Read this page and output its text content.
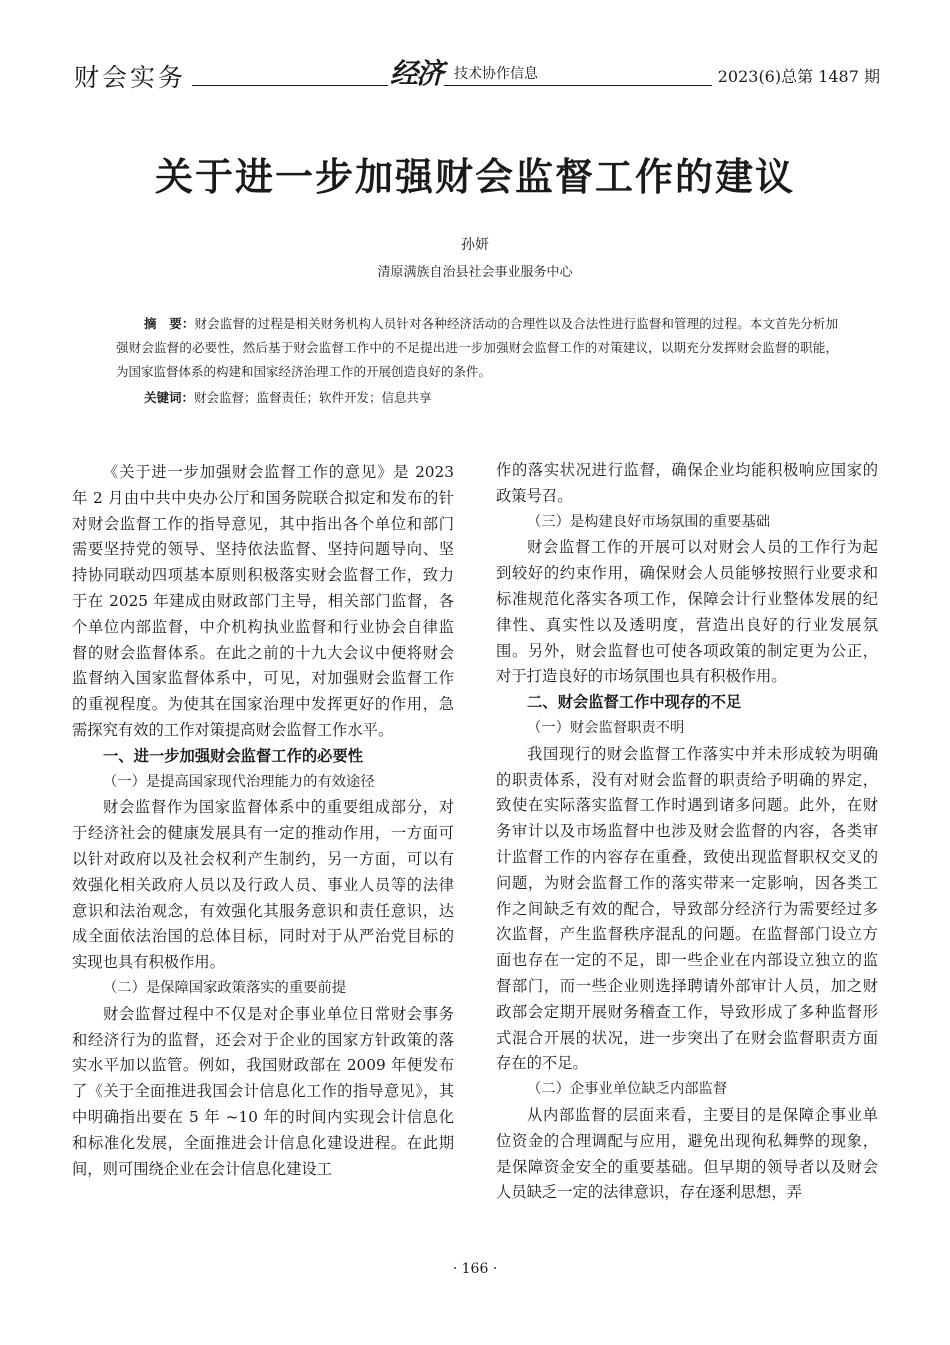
财会实务	经济 技术协作信息	2023(6)总第 1487 期
关于进一步加强财会监督工作的建议
孙妍
清原满族自治县社会事业服务中心

摘　要：财会监督的过程是相关财务机构人员针对各种经济活动的合理性以及合法性进行监督和管理的过程。本文首先分析加强财会监督的必要性，然后基于财会监督工作中的不足提出进一步加强财会监督工作的对策建议，以期充分发挥财会监督的职能，为国家监督体系的构建和国家经济治理工作的开展创造良好的条件。

关键词：财会监督；监督责任；软件开发；信息共享

《关于进一步加强财会监督工作的意见》是 2023 年 2 月由中共中央办公厅和国务院联合拟定和发布的针对财会监督工作的指导意见，其中指出各个单位和部门需要坚持党的领导、坚持依法监督、坚持问题导向、坚持协同联动四项基本原则积极落实财会监督工作，致力于在 2025 年建成由财政部门主导，相关部门监督，各个单位内部监督，中介机构执业监督和行业协会自律监督的财会监督体系。在此之前的十九大会议中便将财会监督纳入国家监督体系中，可见，对加强财会监督工作的重视程度。为使其在国家治理中发挥更好的作用，急需探究有效的工作对策提高财会监督工作水平。

一、进一步加强财会监督工作的必要性
（一）是提高国家现代治理能力的有效途径

财会监督作为国家监督体系中的重要组成部分，对于经济社会的健康发展具有一定的推动作用，一方面可以针对政府以及社会权利产生制约，另一方面，可以有效强化相关政府人员以及行政人员、事业人员等的法律意识和法治观念，有效强化其服务意识和责任意识，达成全面依法治国的总体目标，同时对于从严治党目标的实现也具有积极作用。

（二）是保障国家政策落实的重要前提

财会监督过程中不仅是对企事业单位日常财会事务和经济行为的监督，还会对于企业的国家方针政策的落实水平加以监管。例如，我国财政部在 2009 年便发布了《关于全面推进我国会计信息化工作的指导意见》，其中明确指出要在 5 年 ~10 年的时间内实现会计信息化和标准化发展，全面推进会计信息化建设进程。在此期间，则可围绕企业在会计信息化建设工

作的落实状况进行监督，确保企业均能积极响应国家的政策号召。

（三）是构建良好市场氛围的重要基础

财会监督工作的开展可以对财会人员的工作行为起到较好的约束作用，确保财会人员能够按照行业要求和标准规范化落实各项工作，保障会计行业整体发展的纪律性、真实性以及透明度，营造出良好的行业发展氛围。另外，财会监督也可使各项政策的制定更为公正，对于打造良好的市场氛围也具有积极作用。

二、财会监督工作中现存的不足
（一）财会监督职责不明

我国现行的财会监督工作落实中并未形成较为明确的职责体系，没有对财会监督的职责给予明确的界定，致使在实际落实监督工作时遇到诸多问题。此外，在财务审计以及市场监督中也涉及财会监督的内容，各类审计监督工作的内容存在重叠，致使出现监督职权交叉的问题，为财会监督工作的落实带来一定影响，因各类工作之间缺乏有效的配合，导致部分经济行为需要经过多次监督，产生监督秩序混乱的问题。在监督部门设立方面也存在一定的不足，即一些企业在内部设立独立的监督部门，而一些企业则选择聘请外部审计人员，加之财政部会定期开展财务稽查工作，导致形成了多种监督形式混合开展的状况，进一步突出了在财会监督职责方面存在的不足。

（二）企事业单位缺乏内部监督

从内部监督的层面来看，主要目的是保障企事业单位资金的合理调配与应用，避免出现徇私舞弊的现象，是保障资金安全的重要基础。但早期的领导者以及财会人员缺乏一定的法律意识，存在逐利思想，弄

· 166 ·
